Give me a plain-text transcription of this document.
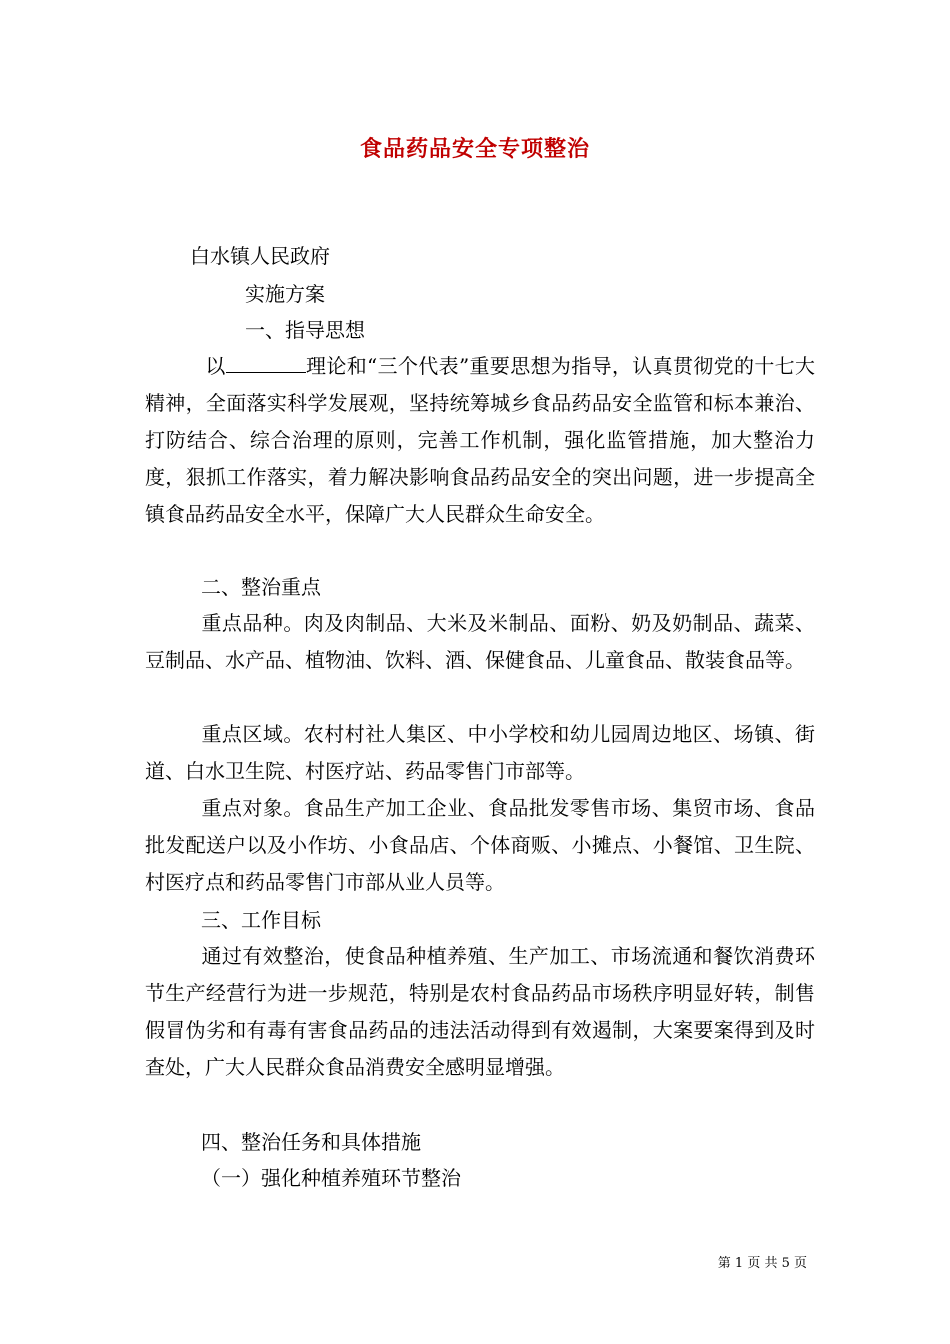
食品药品安全专项整治
白水镇人民政府
实施方案
一、指导思想
以	理论和“三个代表”重要思想为指导，认真贯彻党的十七大精神，全面落实科学发展观，坚持统筹城乡食品药品安全监管和标本兼治、打防结合、综合治理的原则，完善工作机制，强化监管措施，加大整治力度，狠抓工作落实，着力解决影响食品药品安全的突出问题，进一步提高全镇食品药品安全水平，保障广大人民群众生命安全。
二、整治重点
重点品种。肉及肉制品、大米及米制品、面粉、奶及奶制品、蔬菜、豆制品、水产品、植物油、饮料、酒、保健食品、儿童食品、散装食品等。
重点区域。农村村社人集区、中小学校和幼儿园周边地区、场镇、街道、白水卫生院、村医疗站、药品零售门市部等。
重点对象。食品生产加工企业、食品批发零售市场、集贸市场、食品批发配送户以及小作坊、小食品店、个体商贩、小摊点、小餐馆、卫生院、村医疗点和药品零售门市部从业人员等。
三、工作目标
通过有效整治，使食品种植养殖、生产加工、市场流通和餐饮消费环节生产经营行为进一步规范，特别是农村食品药品市场秩序明显好转，制售假冒伪劣和有毒有害食品药品的违法活动得到有效遏制，大案要案得到及时查处，广大人民群众食品消费安全感明显增强。
四、整治任务和具体措施
（一）强化种植养殖环节整治
第 1 页 共 5 页
